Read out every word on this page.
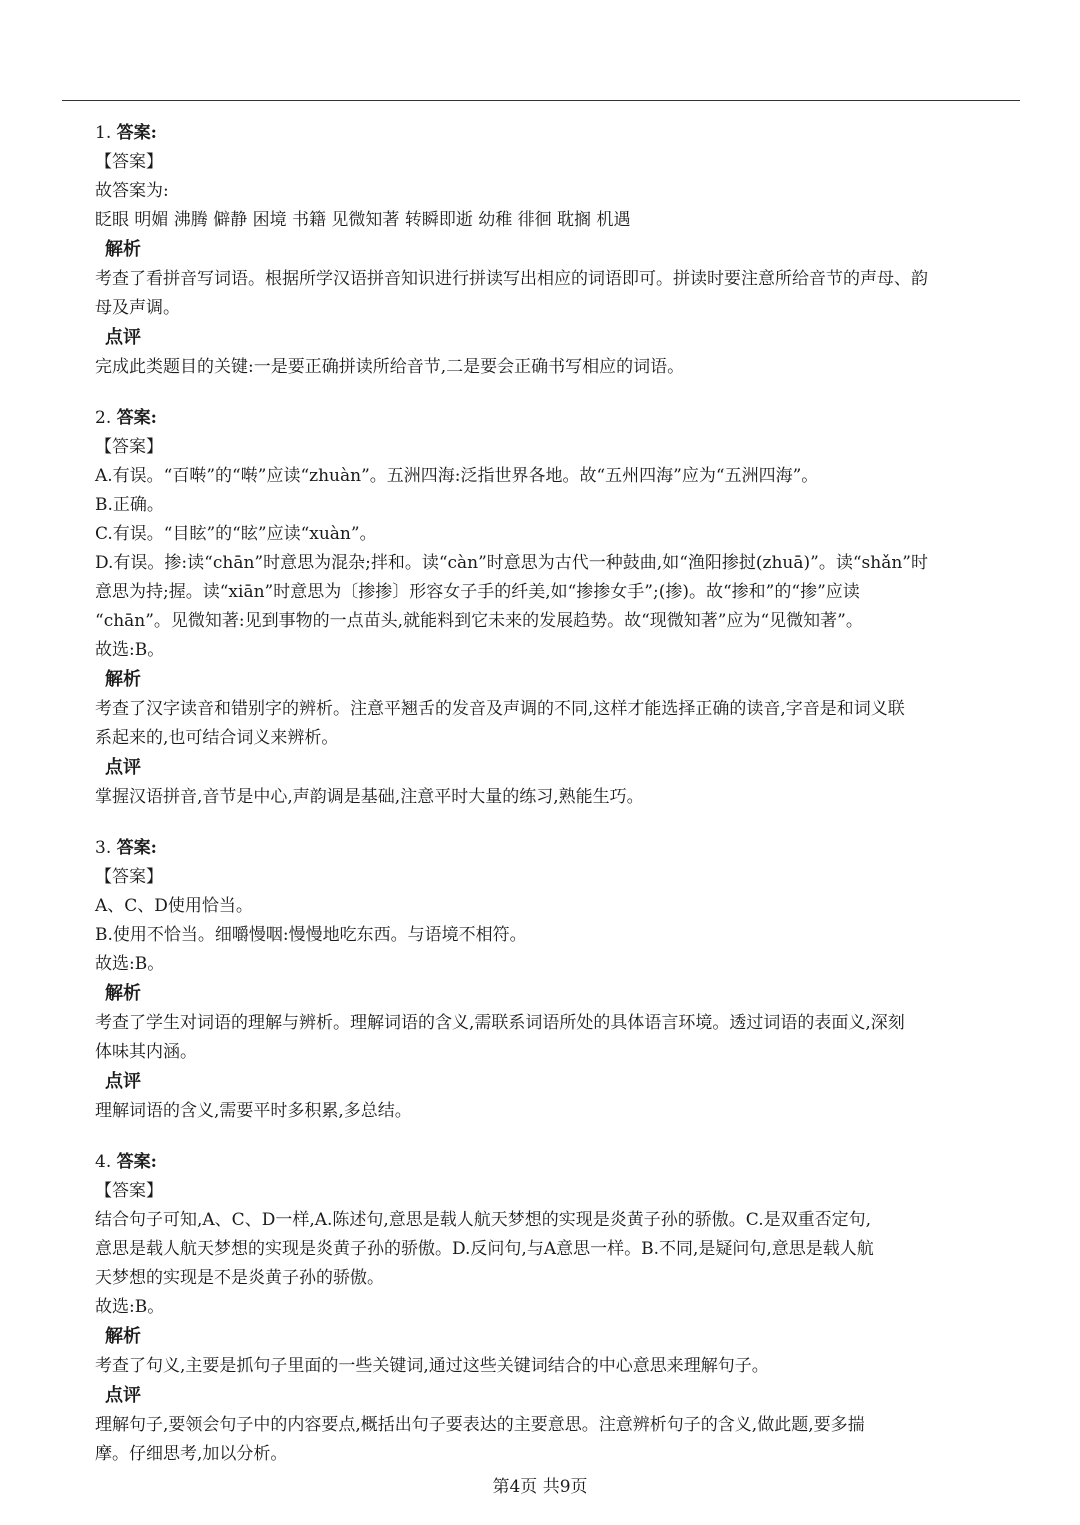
1. 答案:
【答案】
故答案为:
眨眼 明媚 沸腾 僻静 困境 书籍 见微知著 转瞬即逝 幼稚 徘徊 耽搁 机遇
解析
考查了看拼音写词语。根据所学汉语拼音知识进行拼读写出相应的词语即可。拼读时要注意所给音节的声母、韵
母及声调。
点评
完成此类题目的关键:一是要正确拼读所给音节,二是要会正确书写相应的词语。
2. 答案:
【答案】
A.有误。“百啭”的“啭”应读“zhuàn”。五洲四海:泛指世界各地。故“五州四海”应为“五洲四海”。
B.正确。
C.有误。“目眩”的“眩”应读“xuàn”。
D.有误。掺:读“chān”时意思为混杂;拌和。读“càn”时意思为古代一种鼓曲,如“渔阳掺挝(zhuā)”。读“shǎn”时
意思为持;握。读“xiān”时意思为〔掺掺〕形容女子手的纤美,如“掺掺女手”;(掺)。故“掺和”的“掺”应读
“chān”。见微知著:见到事物的一点苗头,就能料到它未来的发展趋势。故“现微知著”应为“见微知著”。
故选:B。
解析
考查了汉字读音和错别字的辨析。注意平翘舌的发音及声调的不同,这样才能选择正确的读音,字音是和词义联
系起来的,也可结合词义来辨析。
点评
掌握汉语拼音,音节是中心,声韵调是基础,注意平时大量的练习,熟能生巧。
3. 答案:
【答案】
A、C、D使用恰当。
B.使用不恰当。细嚼慢咽:慢慢地吃东西。与语境不相符。
故选:B。
解析
考查了学生对词语的理解与辨析。理解词语的含义,需联系词语所处的具体语言环境。透过词语的表面义,深刻
体味其内涵。
点评
理解词语的含义,需要平时多积累,多总结。
4. 答案:
【答案】
结合句子可知,A、C、D一样,A.陈述句,意思是载人航天梦想的实现是炎黄子孙的骄傲。C.是双重否定句,
意思是载人航天梦想的实现是炎黄子孙的骄傲。D.反问句,与A意思一样。B.不同,是疑问句,意思是载人航
天梦想的实现是不是炎黄子孙的骄傲。
故选:B。
解析
考查了句义,主要是抓句子里面的一些关键词,通过这些关键词结合的中心意思来理解句子。
点评
理解句子,要领会句子中的内容要点,概括出句子要表达的主要意思。注意辨析句子的含义,做此题,要多揣
摩。仔细思考,加以分析。
第4页 共9页
